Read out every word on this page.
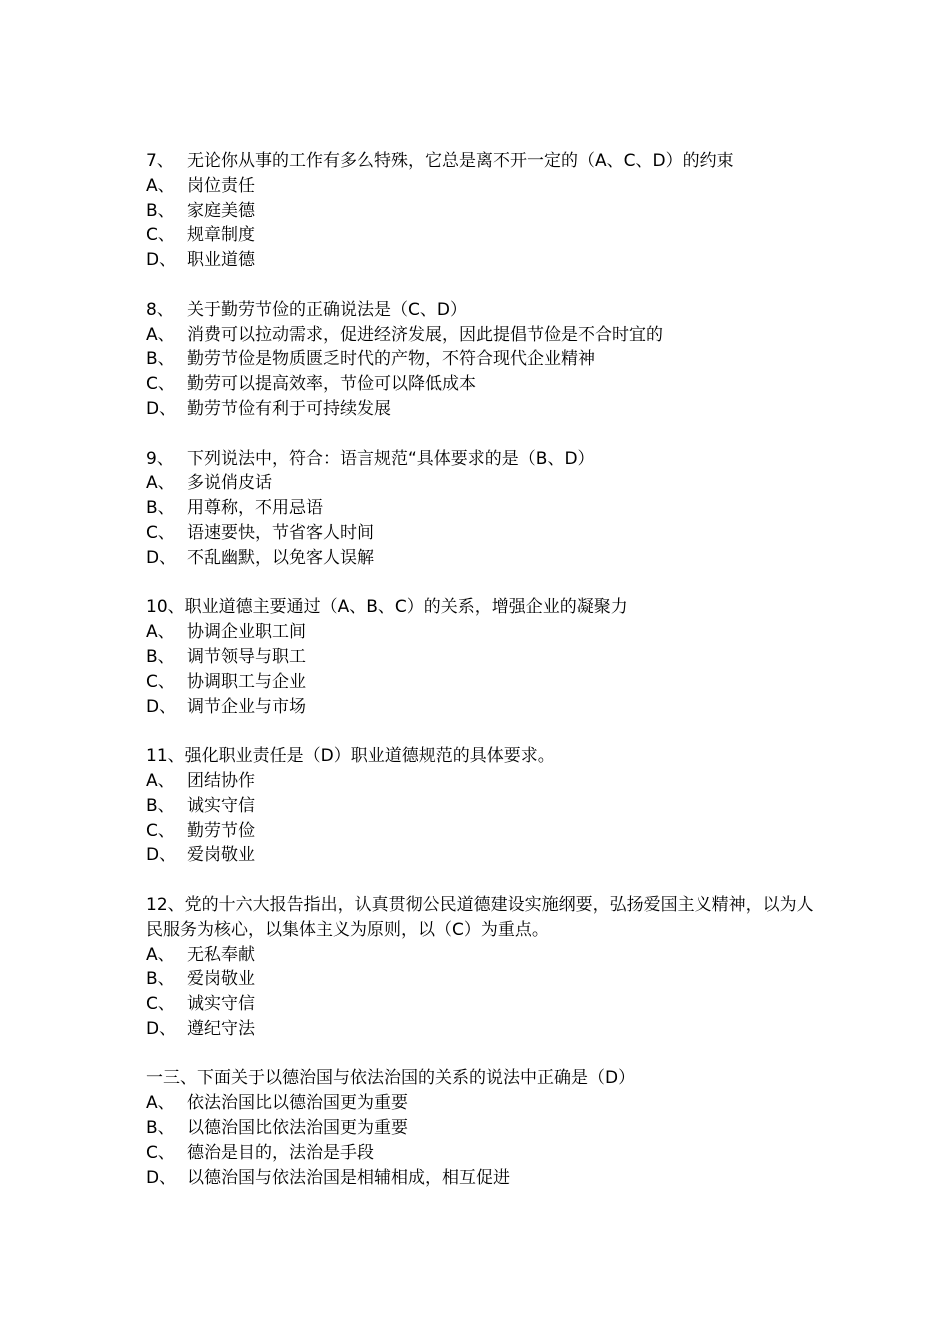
7、 无论你从事的工作有多么特殊，它总是离不开一定的（A、C、D）的约束
A、 岗位责任
B、 家庭美德
C、 规章制度
D、 职业道德
8、 关于勤劳节俭的正确说法是（C、D）
A、 消费可以拉动需求，促进经济发展，因此提倡节俭是不合时宜的
B、 勤劳节俭是物质匮乏时代的产物，不符合现代企业精神
C、 勤劳可以提高效率，节俭可以降低成本
D、 勤劳节俭有利于可持续发展
9、 下列说法中，符合：语言规范“具体要求的是（B、D）
A、 多说俏皮话
B、 用尊称，不用忌语
C、 语速要快，节省客人时间
D、 不乱幽默，以免客人误解
10、 职业道德主要通过（A、B、C）的关系，增强企业的凝聚力
A、 协调企业职工间
B、 调节领导与职工
C、 协调职工与企业
D、 调节企业与市场
11、 强化职业责任是（D）职业道德规范的具体要求。
A、 团结协作
B、 诚实守信
C、 勤劳节俭
D、 爱岗敬业
12、党的十六大报告指出，认真贯彻公民道德建设实施纲要，弘扬爱国主义精神，以为人民服务为核心，以集体主义为原则，以（C）为重点。
A、 无私奉献
B、 爱岗敬业
C、 诚实守信
D、 遵纪守法
一三、 下面关于以德治国与依法治国的关系的说法中正确是（D）
A、 依法治国比以德治国更为重要
B、 以德治国比依法治国更为重要
C、 德治是目的，法治是手段
D、 以德治国与依法治国是相辅相成，相互促进
